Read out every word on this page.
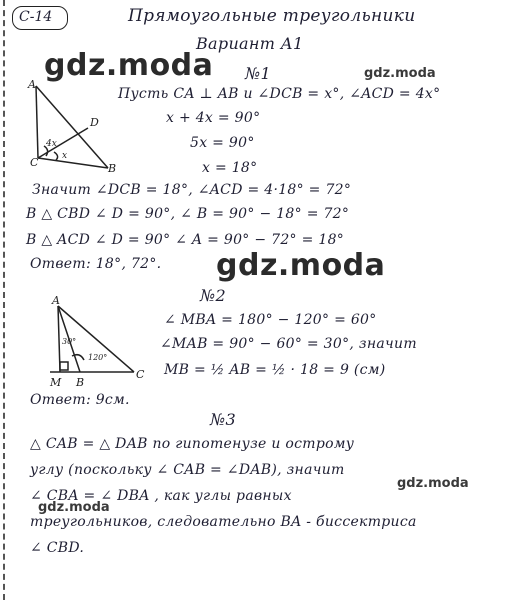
C-14	Прямоугольные треугольники
Вариант А1
gdz.moda	gdz.moda
gdz.moda
gdz.moda
gdz.moda
№1
Пусть CA ⊥ AB и ∠DCB = x°, ∠ACD = 4x°
x + 4x = 90°
5x = 90°
x = 18°
Значит ∠DCB = 18°, ∠ACD = 4·18° = 72°
В △ CBD ∠ D = 90°, ∠ B = 90° − 18° = 72°
В △ ACD ∠ D = 90° ∠ A = 90° − 72° = 18°
Ответ: 18°, 72°.
A
D
C	B
4x
x
A
M B
C
30°
120°
№2
∠ MBA = 180° − 120° = 60°
∠MAB = 90° − 60° = 30°, значит
MB = ½ AB = ½ · 18 = 9 (см)
Ответ: 9см.
№3
△ CAB = △ DAB по гипотенузе и острому
углу (поскольку ∠ CAB = ∠DAB), значит
∠ CBA = ∠ DBA , как углы равных
треугольников, следовательно BA - биссектриса
∠ CBD.
